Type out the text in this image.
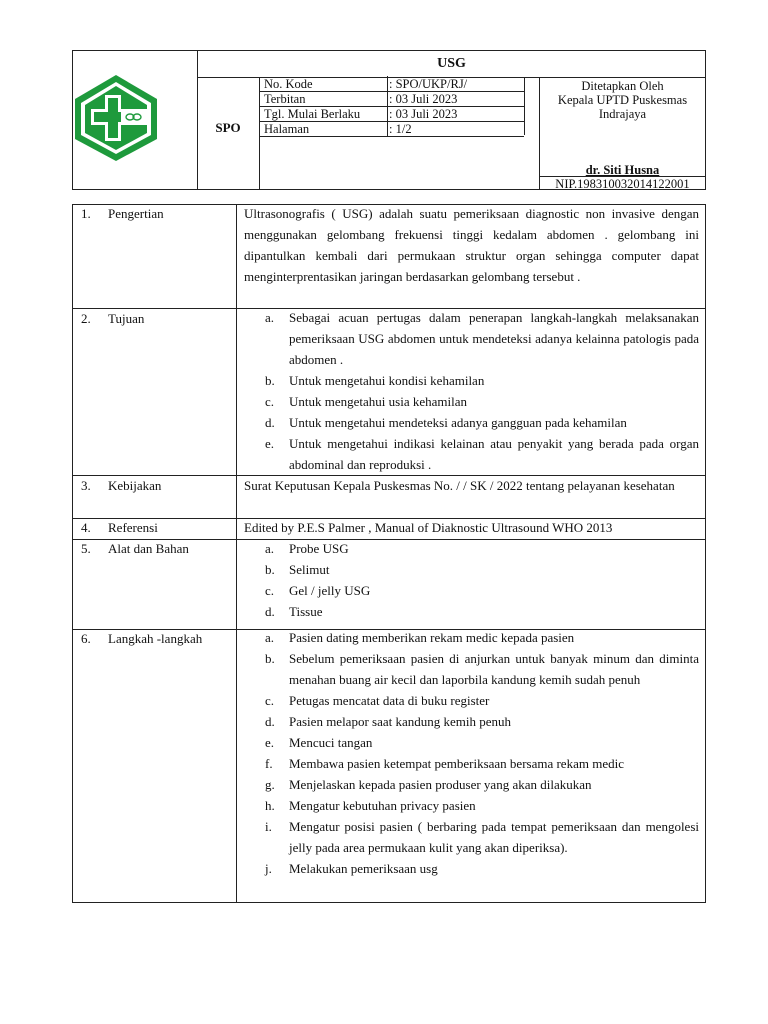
USG
SPO
No. Kode	: SPO/UKP/RJ/
Terbitan	: 03 Juli 2023
Tgl. Mulai Berlaku : 03 Juli 2023
Halaman	: 1/2
Ditetapkan Oleh
Kepala UPTD Puskesmas
Indrajaya
dr. Siti Husna
NIP.198310032014122001
1. Pengertian	Ultrasonografis ( USG) adalah suatu pemeriksaan diagnostic non invasive dengan menggunakan gelombang frekuensi tinggi kedalam abdomen . gelombang ini dipantulkan kembali dari permukaan struktur organ sehingga computer dapat menginterprentasikan jaringan berdasarkan gelombang tersebut .

2. Tujuan	a. Sebagai acuan pertugas dalam penerapan langkah-langkah melaksanakan pemeriksaan USG abdomen untuk mendeteksi adanya kelainna patologis pada abdomen .
b. Untuk mengetahui kondisi kehamilan
c. Untuk mengetahui usia kehamilan
d. Untuk mengetahui mendeteksi adanya gangguan pada kehamilan
e. Untuk mengetahui indikasi kelainan atau penyakit yang berada pada organ abdominal dan reproduksi .
3. Kebijakan	Surat Keputusan Kepala Puskesmas No. / / SK / 2022 tentang pelayanan kesehatan

4. Referensi	Edited by P.E.S Palmer , Manual of Diaknostic Ultrasound WHO 2013

5. Alat dan Bahan	a. Probe USG
b. Selimut
c. Gel / jelly USG
d. Tissue
6. Langkah -langkah	a. Pasien dating memberikan rekam medic kepada pasien
b. Sebelum pemeriksaan pasien di anjurkan untuk banyak minum dan diminta menahan buang air kecil dan laporbila kandung kemih sudah penuh
c. Petugas mencatat data di buku register
d. Pasien melapor saat kandung kemih penuh
e. Mencuci tangan
f. Membawa pasien ketempat pemberiksaan bersama rekam medic
g. Menjelaskan kepada pasien produser yang akan dilakukan
h. Mengatur kebutuhan privacy pasien
i. Mengatur posisi pasien ( berbaring pada tempat pemeriksaan dan mengolesi jelly pada area permukaan kulit yang akan diperiksa).
j. Melakukan pemeriksaan usg
